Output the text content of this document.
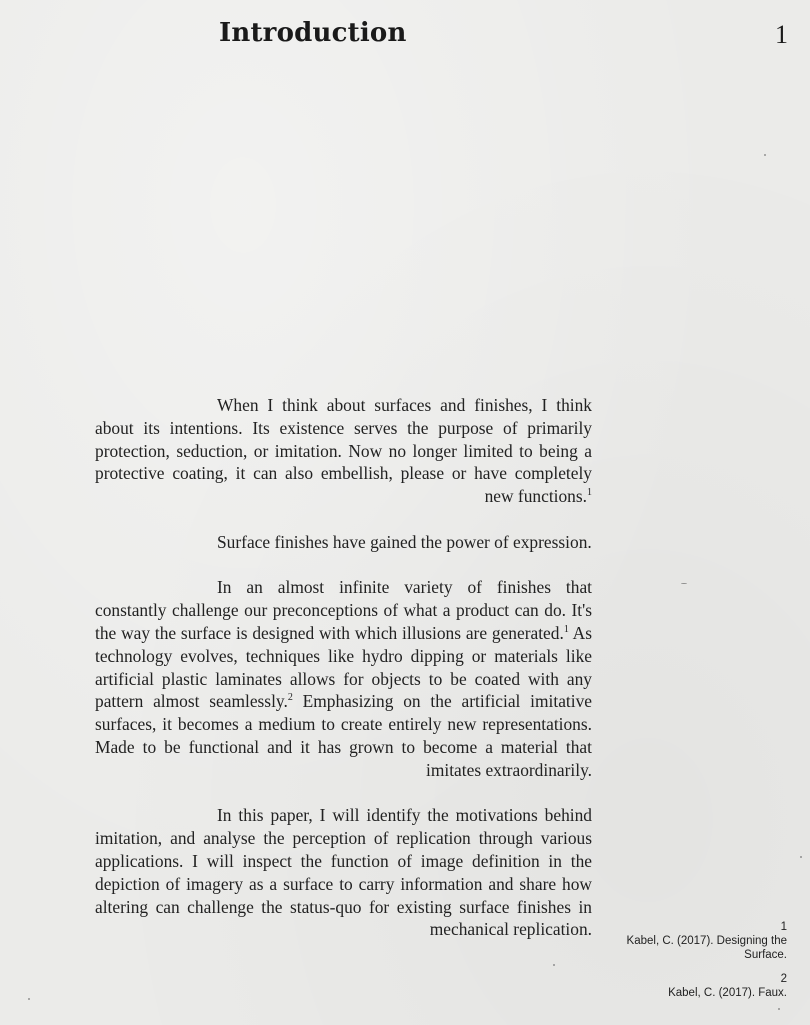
Introduction	1

When I think about surfaces and finishes, I think about its intentions. Its existence serves the purpose of primarily protection, seduction, or imitation. Now no longer limited to being a protective coating, it can also embellish, please or have completely new functions.$^1$

Surface finishes have gained the power of expression.

In an almost infinite variety of finishes that constantly challenge our preconceptions of what a product can do. It's the way the surface is designed with which illusions are generated.$^1$ As technology evolves, techniques like hydro dipping or materials like artificial plastic laminates allows for objects to be coated with any pattern almost seamlessly.$^2$ Emphasizing on the artificial imitative surfaces, it becomes a medium to create entirely new representations. Made to be functional and it has grown to become a material that imitates extraordinarily.

In this paper, I will identify the motivations behind imitation, and analyse the perception of replication through various applications. I will inspect the function of image definition in the depiction of imagery as a surface to carry information and share how altering can challenge the status-quo for existing surface finishes in mechanical replication.	1
Kabel, C. (2017). Designing the Surface.
2
Kabel, C. (2017). Faux.
